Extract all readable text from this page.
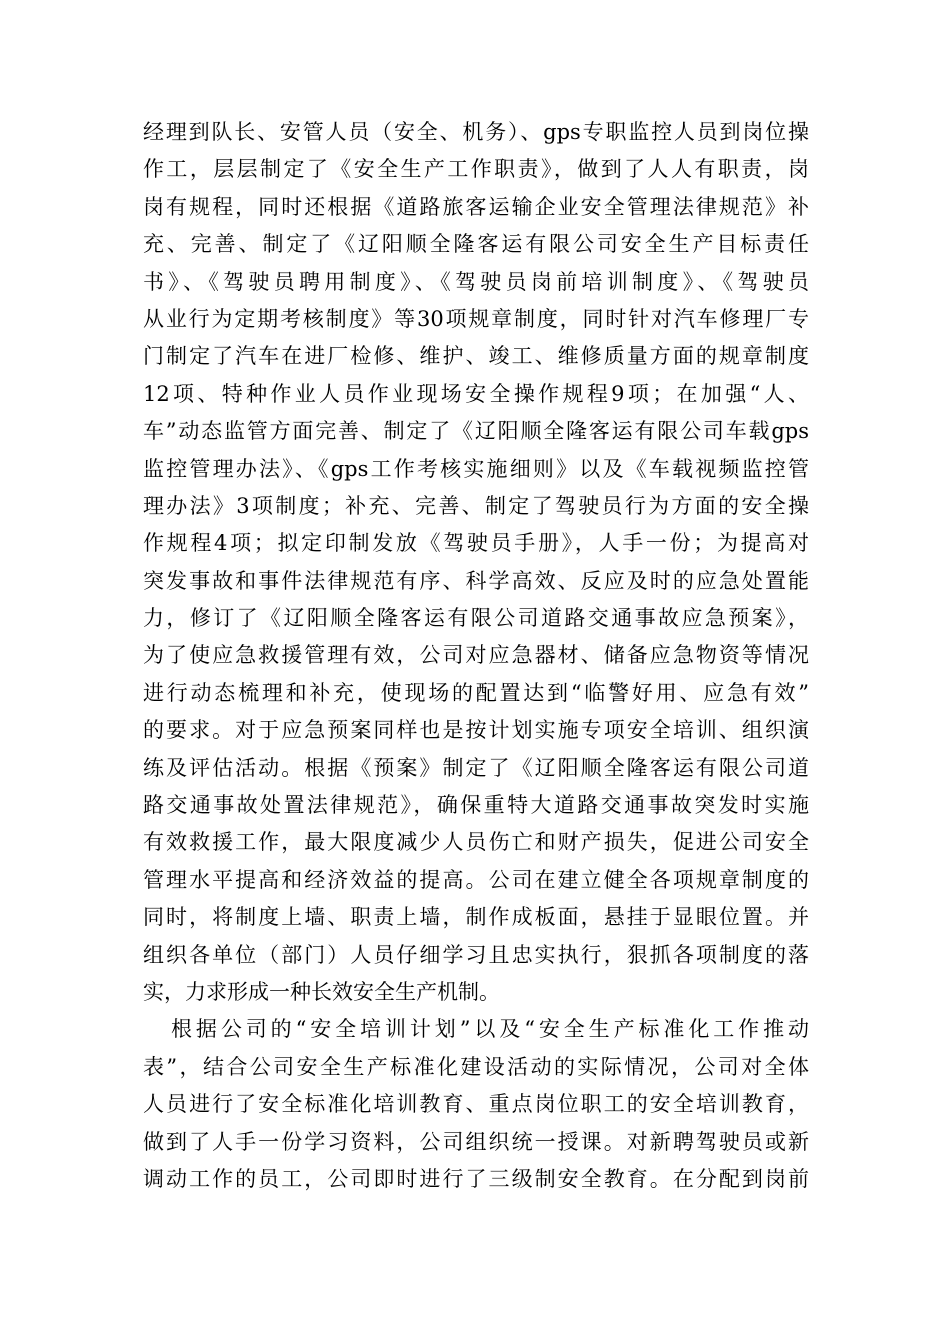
经理到队长、安管人员（安全、机务）、gps专职监控人员到岗位操
作工，层层制定了《安全生产工作职责》，做到了人人有职责，岗
岗有规程，同时还根据《道路旅客运输企业安全管理法律规范》补
充、完善、制定了《辽阳顺全隆客运有限公司安全生产目标责任
书》、《驾驶员聘用制度》、《驾驶员岗前培训制度》、《驾驶员
从业行为定期考核制度》等30项规章制度，同时针对汽车修理厂专
门制定了汽车在进厂检修、维护、竣工、维修质量方面的规章制度
12项、特种作业人员作业现场安全操作规程9项；在加强“人、
车”动态监管方面完善、制定了《辽阳顺全隆客运有限公司车载gps
监控管理办法》、《gps工作考核实施细则》以及《车载视频监控管
理办法》3项制度；补充、完善、制定了驾驶员行为方面的安全操
作规程4项；拟定印制发放《驾驶员手册》，人手一份；为提高对
突发事故和事件法律规范有序、科学高效、反应及时的应急处置能
力，修订了《辽阳顺全隆客运有限公司道路交通事故应急预案》，
为了使应急救援管理有效，公司对应急器材、储备应急物资等情况
进行动态梳理和补充，使现场的配置达到“临警好用、应急有效”
的要求。对于应急预案同样也是按计划实施专项安全培训、组织演
练及评估活动。根据《预案》制定了《辽阳顺全隆客运有限公司道
路交通事故处置法律规范》，确保重特大道路交通事故突发时实施
有效救援工作，最大限度减少人员伤亡和财产损失，促进公司安全
管理水平提高和经济效益的提高。公司在建立健全各项规章制度的
同时，将制度上墙、职责上墙，制作成板面，悬挂于显眼位置。并
组织各单位（部门）人员仔细学习且忠实执行，狠抓各项制度的落
实，力求形成一种长效安全生产机制。
根据公司的“安全培训计划”以及“安全生产标准化工作推动
表”，结合公司安全生产标准化建设活动的实际情况，公司对全体
人员进行了安全标准化培训教育、重点岗位职工的安全培训教育，
做到了人手一份学习资料，公司组织统一授课。对新聘驾驶员或新
调动工作的员工，公司即时进行了三级制安全教育。在分配到岗前
